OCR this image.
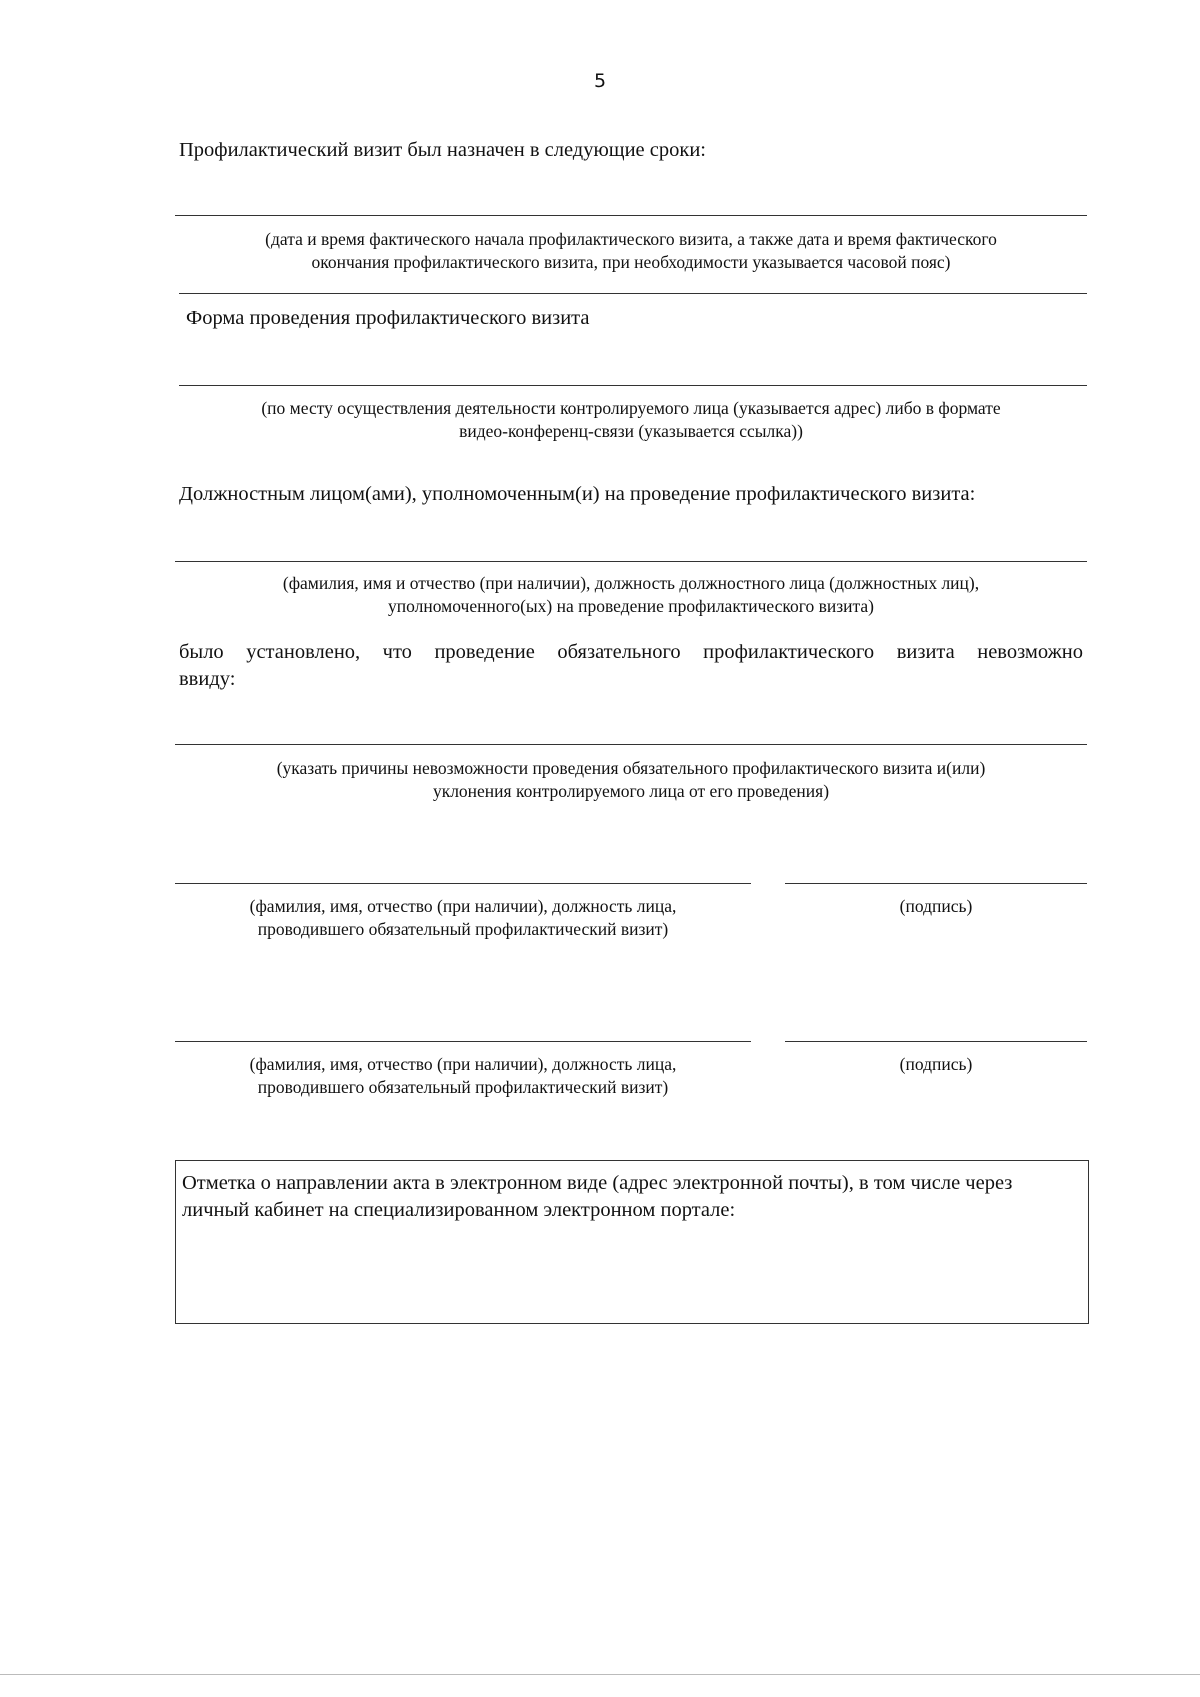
5
Профилактический визит был назначен в следующие сроки:
(дата и время фактического начала профилактического визита, а также дата и время фактического
окончания профилактического визита, при необходимости указывается часовой пояс)
Форма проведения профилактического визита
(по месту осуществления деятельности контролируемого лица (указывается адрес) либо в формате
видео-конференц-связи (указывается ссылка))
Должностным лицом(ами), уполномоченным(и) на проведение профилактического визита:
(фамилия, имя и отчество (при наличии), должность должностного лица (должностных лиц),
уполномоченного(ых) на проведение профилактического визита)
было установлено, что проведение обязательного профилактического визита невозможно
ввиду:
(указать причины невозможности проведения обязательного профилактического визита и(или)
уклонения контролируемого лица от его проведения)
(фамилия, имя, отчество (при наличии), должность лица,
проводившего обязательный профилактический визит)
(подпись)
(фамилия, имя, отчество (при наличии), должность лица,
проводившего обязательный профилактический визит)
(подпись)
Отметка о направлении акта в электронном виде (адрес электронной почты), в том числе через
личный кабинет на специализированном электронном портале:
